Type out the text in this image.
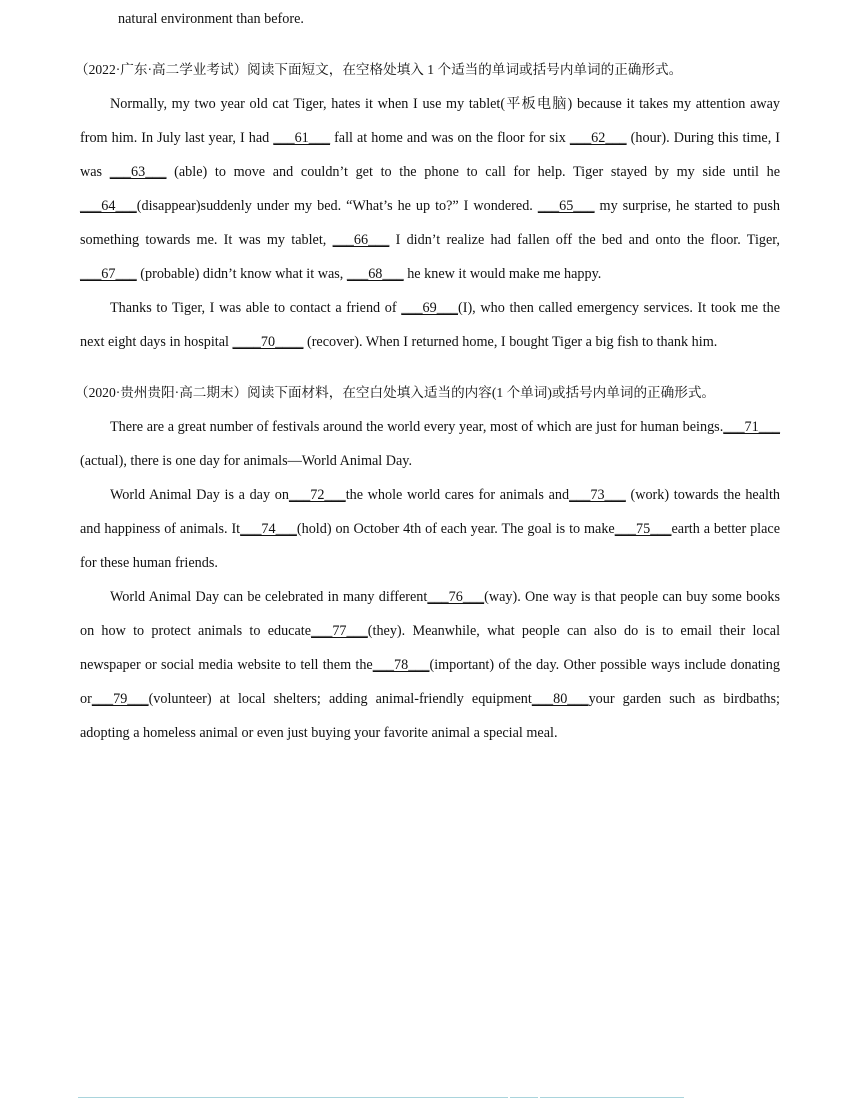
natural environment than before.

（2022·广东·高二学业考试）阅读下面短文，在空格处填入 1 个适当的单词或括号内单词的正确形式。

Normally, my two year old cat Tiger, hates it when I use my tablet(平板电脑) because it takes my attention away from him. In July last year, I had ___61___ fall at home and was on the floor for six ___62___ (hour). During this time, I was ___63___ (able) to move and couldn’t get to the phone to call for help. Tiger stayed by my side until he ___64___(disappear)suddenly under my bed. “What’s he up to?” I wondered. ___65___ my surprise, he started to push something towards me. It was my tablet, ___66___ I didn’t realize had fallen off the bed and onto the floor. Tiger, ___67___ (probable) didn’t know what it was, ___68___ he knew it would make me happy.

Thanks to Tiger, I was able to contact a friend of ___69___(I), who then called emergency services. It took me the next eight days in hospital ____70____ (recover). When I returned home, I bought Tiger a big fish to thank him.

（2020·贵州贵阳·高二期末）阅读下面材料，在空白处填入适当的内容(1 个单词)或括号内单词的正确形式。

There are a great number of festivals around the world every year, most of which are just for human beings.___71___ (actual), there is one day for animals—World Animal Day.

World Animal Day is a day on___72___the whole world cares for animals and___73___ (work) towards the health and happiness of animals. It___74___(hold) on October 4th of each year. The goal is to make___75___earth a better place for these human friends.

World Animal Day can be celebrated in many different___76___(way). One way is that people can buy some books on how to protect animals to educate___77___(they). Meanwhile, what people can also do is to email their local newspaper or social media website to tell them the___78___(important) of the day. Other possible ways include donating or___79___(volunteer) at local shelters; adding animal-friendly equipment___80___your garden such as birdbaths; adopting a homeless animal or even just buying your favorite animal a special meal.
